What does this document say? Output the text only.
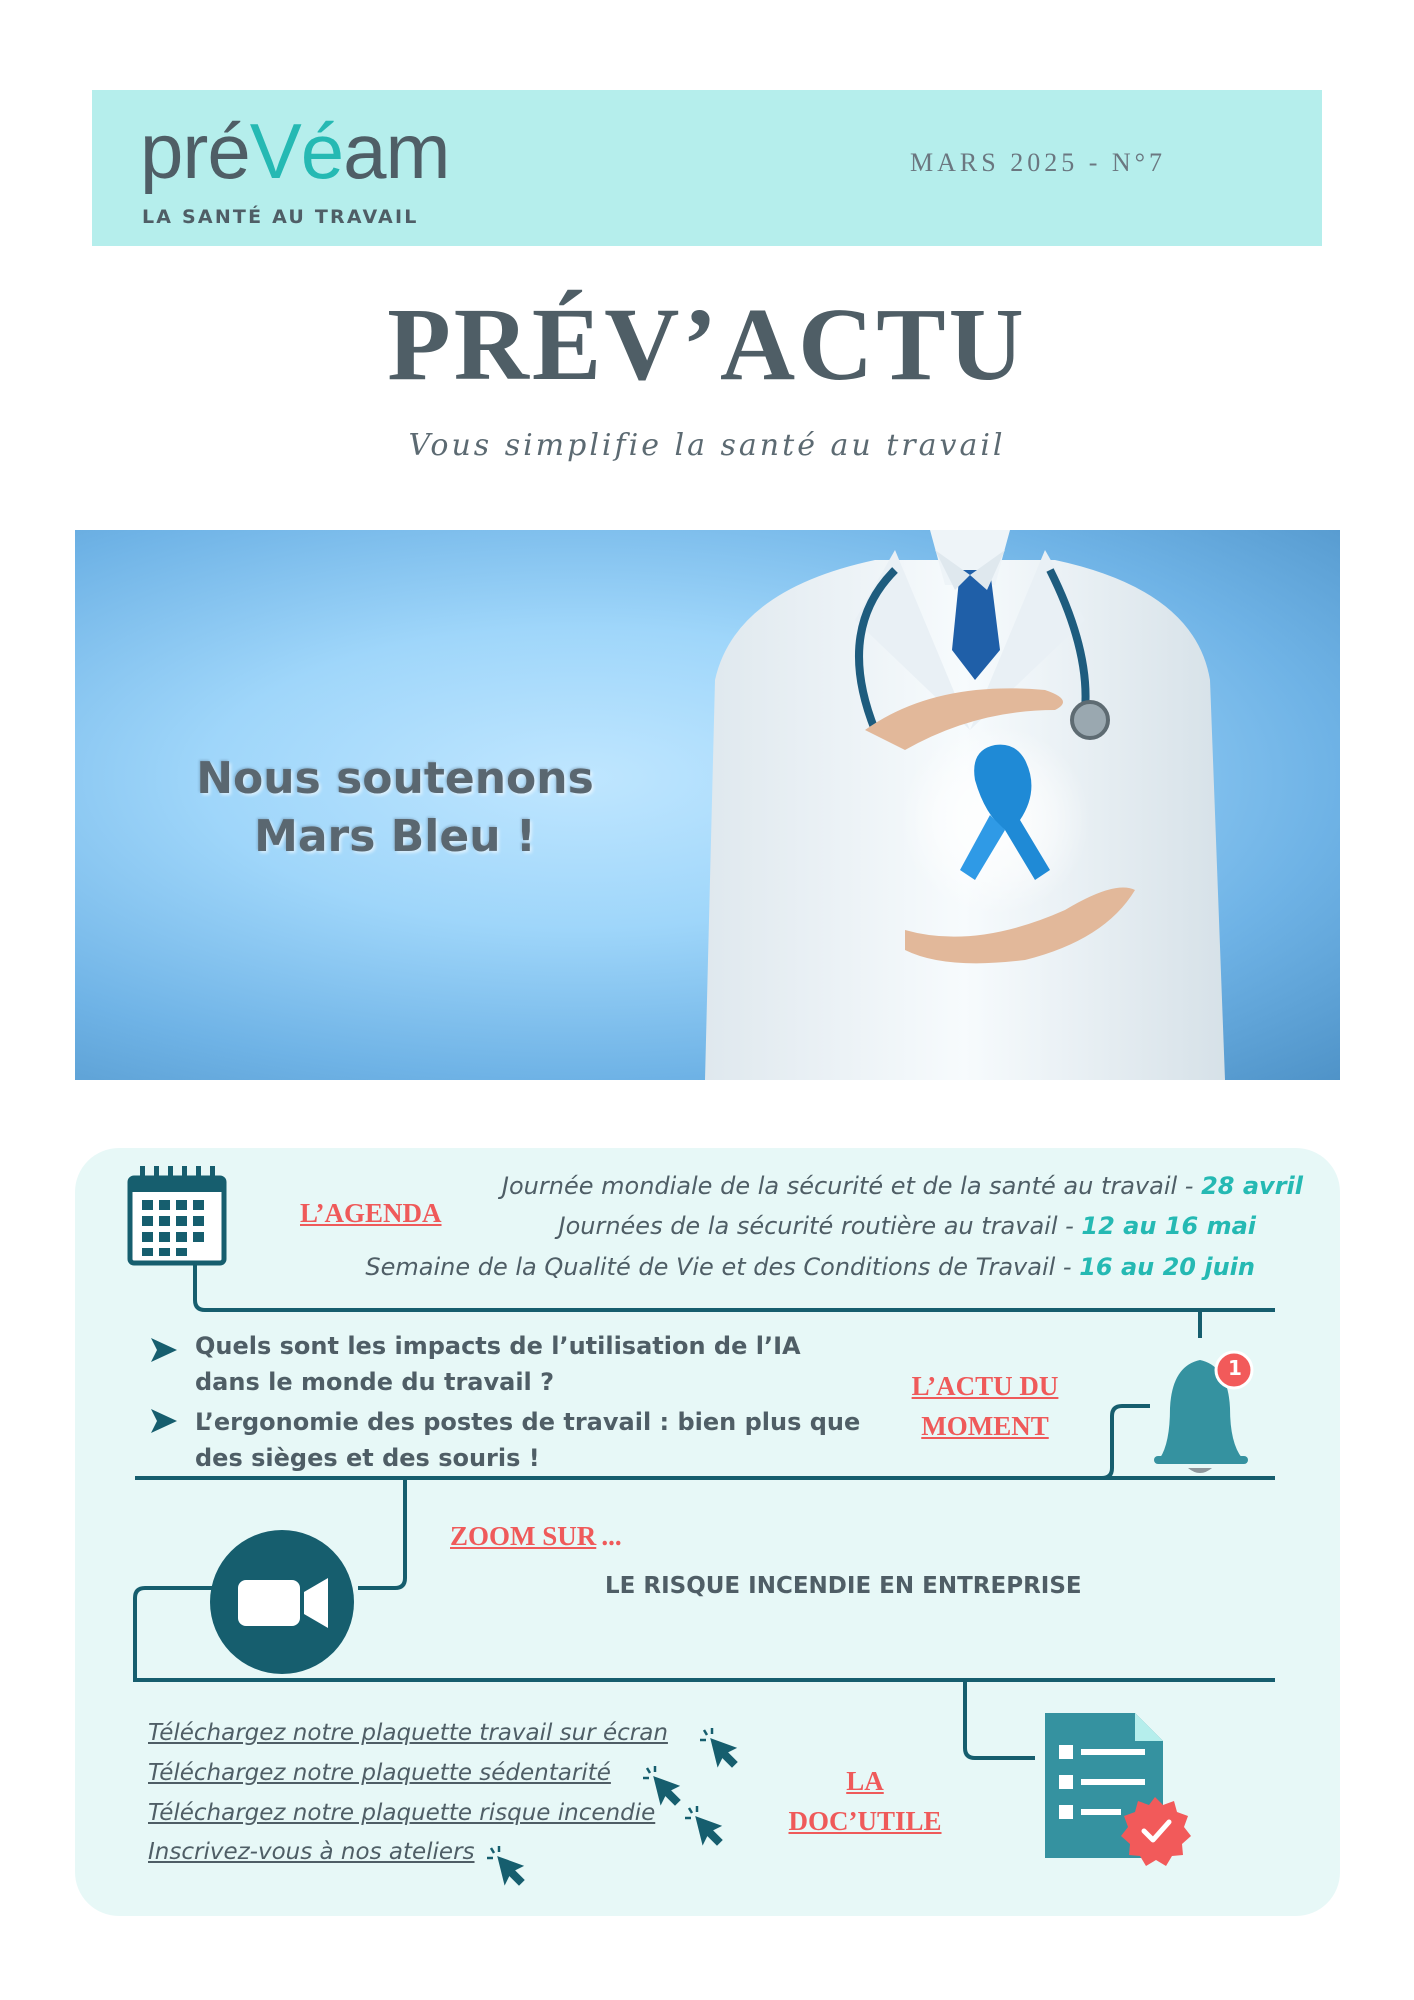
préVéam
LA SANTÉ AU TRAVAIL
MARS 2025 - N°7
PRÉV’ACTU
Vous simplifie la santé au travail
Nous soutenons
Mars Bleu !
1
L’AGENDA
Journée mondiale de la sécurité et de la santé au travail - 28 avril
Journées de la sécurité routière au travail - 12 au 16 mai
Semaine de la Qualité de Vie et des Conditions de Travail - 16 au 20 juin
Quels sont les impacts de l’utilisation de l’IA
dans le monde du travail ?
L’ergonomie des postes de travail : bien plus que
des sièges et des souris !
L’ACTU DU
MOMENT
ZOOM SUR ...
LE RISQUE INCENDIE EN ENTREPRISE
Téléchargez notre plaquette travail sur écran
Téléchargez notre plaquette sédentarité
Téléchargez notre plaquette risque incendie
Inscrivez-vous à nos ateliers
LA
DOC’UTILE
